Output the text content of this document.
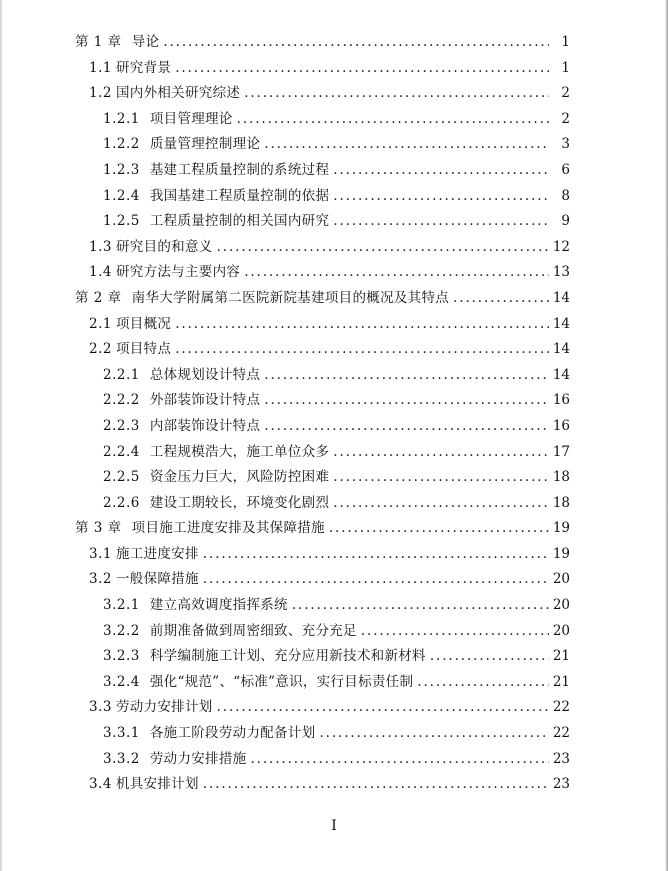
第 1 章 导论 . . .	1
1.1 研究背景 . . .	1
1.2 国内外相关研究综述 . . .	2
1.2.1 项目管理理论 . . .	2
1.2.2 质量管理控制理论 . . .	3
1.2.3 基建工程质量控制的系统过程 . . .	6
1.2.4 我国基建工程质量控制的依据 . . .	8
1.2.5 工程质量控制的相关国内研究 . . .	9
1.3 研究目的和意义 . . .	12
1.4 研究方法与主要内容 . . .	13
第 2 章 南华大学附属第二医院新院基建项目的概况及其特点 . . .	14
2.1 项目概况 . . .	14
2.2 项目特点 . . .	14
2.2.1 总体规划设计特点 . . .	14
2.2.2 外部装饰设计特点 . . .	16
2.2.3 内部装饰设计特点 . . .	16
2.2.4 工程规模浩大，施工单位众多 . . .	17
2.2.5 资金压力巨大，风险防控困难 . . .	18
2.2.6 建设工期较长，环境变化剧烈 . . .	18
第 3 章 项目施工进度安排及其保障措施 . . .	19
3.1 施工进度安排 . . .	19
3.2 一般保障措施 . . .	20
3.2.1 建立高效调度指挥系统 . . .	20
3.2.2 前期准备做到周密细致、充分充足 . . .	20
3.2.3 科学编制施工计划、充分应用新技术和新材料 . . .	21
3.2.4 强化“规范”、“标准”意识，实行目标责任制 . . .	21
3.3 劳动力安排计划 . . .	22
3.3.1 各施工阶段劳动力配备计划 . . .	22
3.3.2 劳动力安排措施 . . .	23
3.4 机具安排计划 . . .	23
I
